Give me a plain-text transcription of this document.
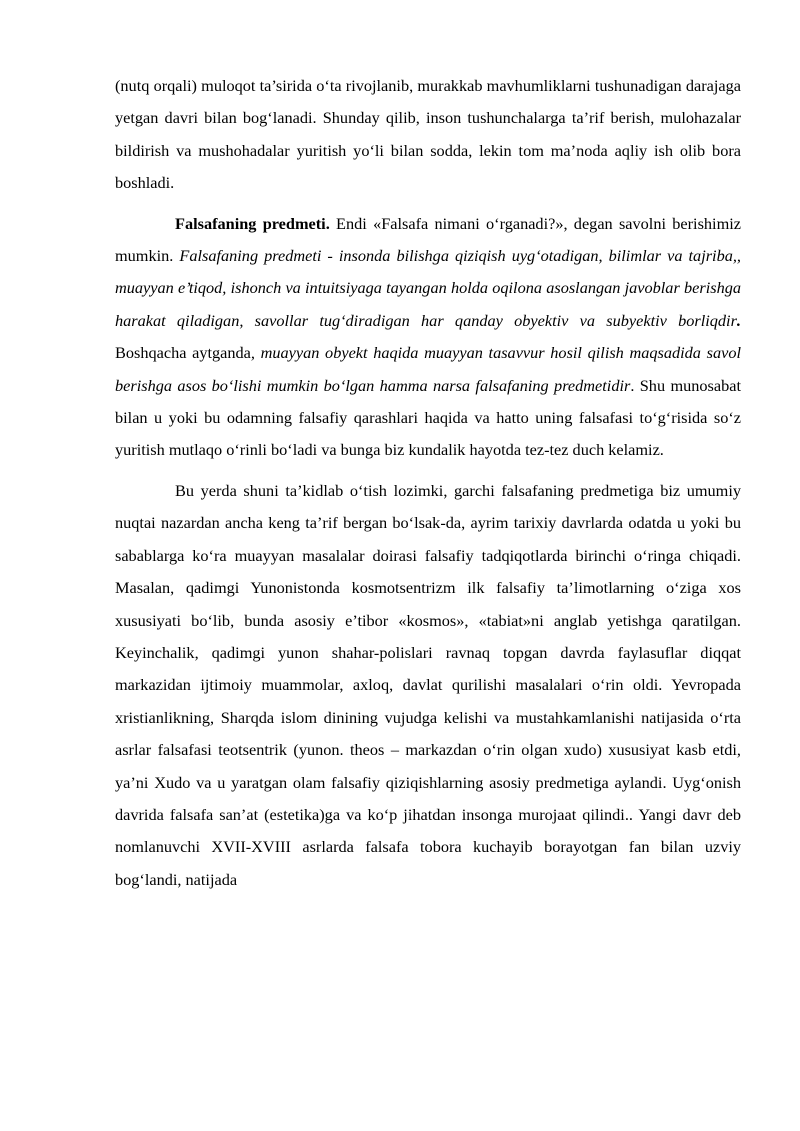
(nutq orqali) muloqot ta’sirida o‘ta rivojlanib, murakkab mavhumliklarni tushunadigan darajaga yetgan davri bilan bog‘lanadi. Shunday qilib, inson tushunchalarga ta’rif berish, mulohazalar bildirish va mushohadalar yuritish yo‘li bilan sodda, lekin tom ma’noda aqliy ish olib bora boshladi.

Falsafaning predmeti. Endi «Falsafa nimani o‘rganadi?», degan savolni berishimiz mumkin. Falsafaning predmeti - insonda bilishga qiziqish uyg‘otadigan, bilimlar va tajriba,, muayyan e’tiqod, ishonch va intuitsiyaga tayangan holda oqilona asoslangan javoblar berishga harakat qiladigan, savollar tug‘diradigan har qanday obyektiv va subyektiv borliqdir. Boshqacha aytganda, muayyan obyekt haqida muayyan tasavvur hosil qilish maqsadida savol berishga asos bo‘lishi mumkin bo‘lgan hamma narsa falsafaning predmetidir. Shu munosabat bilan u yoki bu odamning falsafiy qarashlari haqida va hatto uning falsafasi to‘g‘risida so‘z yuritish mutlaqo o‘rinli bo‘ladi va bunga biz kundalik hayotda tez-tez duch kelamiz.

Bu yerda shuni ta’kidlab o‘tish lozimki, garchi falsafaning predmetiga biz umumiy nuqtai nazardan ancha keng ta’rif bergan bo‘lsak-da, ayrim tarixiy davrlarda odatda u yoki bu sabablarga ko‘ra muayyan masalalar doirasi falsafiy tadqiqotlarda birinchi o‘ringa chiqadi. Masalan, qadimgi Yunonistonda kosmotsentrizm ilk falsafiy ta’limotlarning o‘ziga xos xususiyati bo‘lib, bunda asosiy e’tibor «kosmos», «tabiat»ni anglab yetishga qaratilgan. Keyinchalik, qadimgi yunon shahar-polislari ravnaq topgan davrda faylasuflar diqqat markazidan ijtimoiy muammolar, axloq, davlat qurilishi masalalari o‘rin oldi. Yevropada xristianlikning, Sharqda islom dinining vujudga kelishi va mustahkamlanishi natijasida o‘rta asrlar falsafasi teotsentrik (yunon. theos – markazdan o‘rin olgan xudo) xususiyat kasb etdi, ya’ni Xudo va u yaratgan olam falsafiy qiziqishlarning asosiy predmetiga aylandi. Uyg‘onish davrida falsafa san’at (estetika)ga va ko‘p jihatdan insonga murojaat qilindi.. Yangi davr deb nomlanuvchi XVII-XVIII asrlarda falsafa tobora kuchayib borayotgan fan bilan uzviy bog‘landi, natijada
